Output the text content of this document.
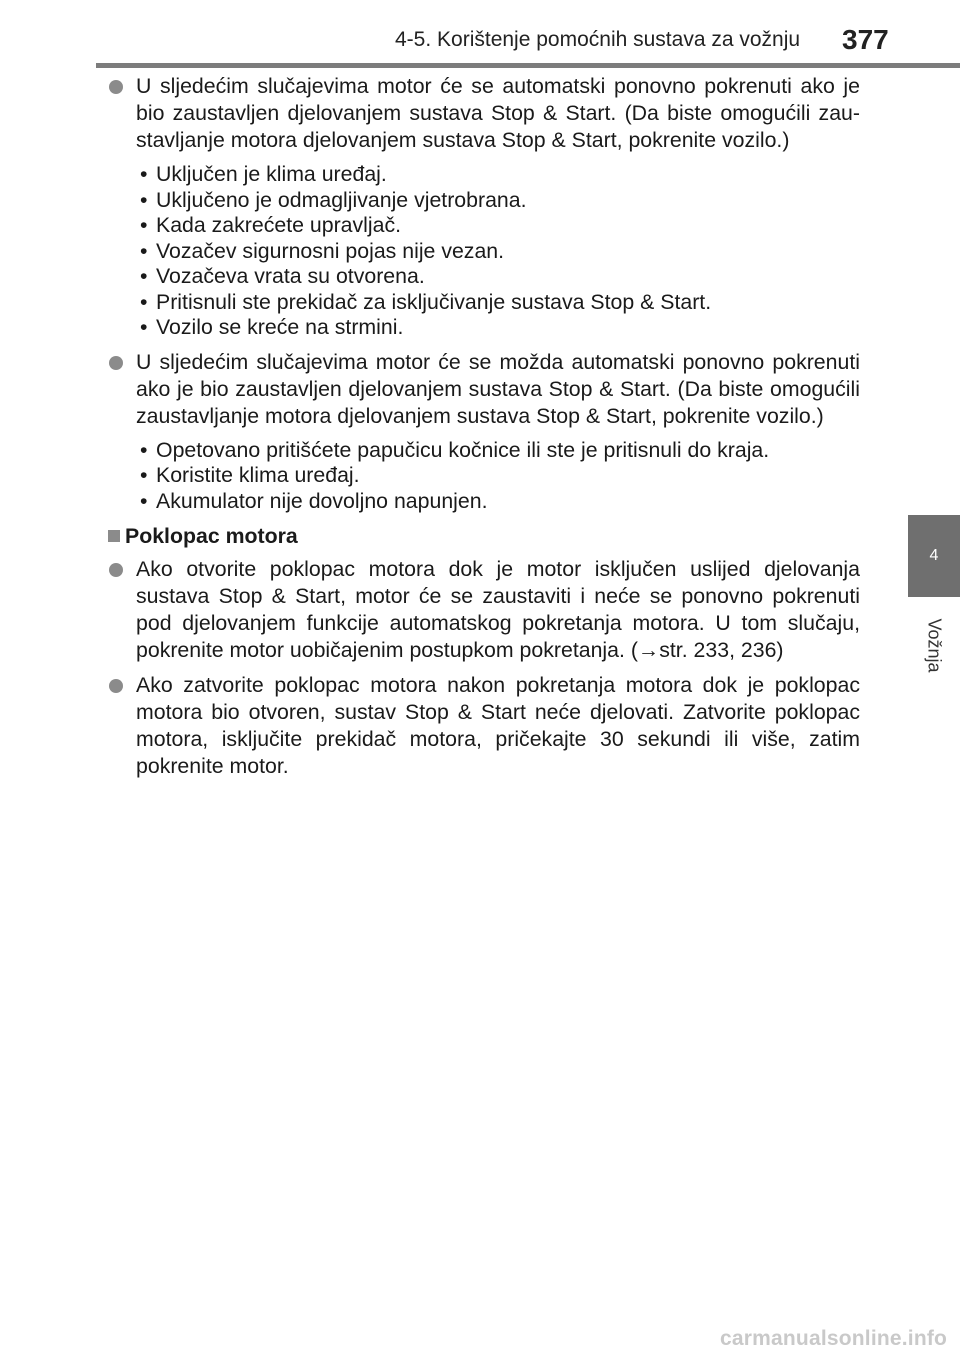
4-5. Korištenje pomoćnih sustava za vožnju 377
4
Vožnja
U sljedećim slučajevima motor će se automatski ponovno pokrenuti ako je bio zaustavljen djelovanjem sustava Stop & Start. (Da biste omogućili zaustavljanje motora djelovanjem sustava Stop & Start, pokrenite vozilo.)
• Uključen je klima uređaj.
• Uključeno je odmagljivanje vjetrobrana.
• Kada zakrećete upravljač.
• Vozačev sigurnosni pojas nije vezan.
• Vozačeva vrata su otvorena.
• Pritisnuli ste prekidač za isključivanje sustava Stop & Start.
• Vozilo se kreće na strmini.
U sljedećim slučajevima motor će se možda automatski ponovno pokrenuti ako je bio zaustavljen djelovanjem sustava Stop & Start. (Da biste omogućili zaustavljanje motora djelovanjem sustava Stop & Start, pokrenite vozilo.)
• Opetovano pritišćete papučicu kočnice ili ste je pritisnuli do kraja.
• Koristite klima uređaj.
• Akumulator nije dovoljno napunjen.
Poklopac motora
Ako otvorite poklopac motora dok je motor isključen uslijed djelovanja sustava Stop & Start, motor će se zaustaviti i neće se ponovno pokrenuti pod djelovanjem funkcije automatskog pokretanja motora. U tom slučaju, pokrenite motor uobičajenim postupkom pokretanja. (→str. 233, 236)
Ako zatvorite poklopac motora nakon pokretanja motora dok je poklopac motora bio otvoren, sustav Stop & Start neće djelovati. Zatvorite poklopac motora, isključite prekidač motora, pričekajte 30 sekundi ili više, zatim pokrenite motor.
carmanualsonline.info
